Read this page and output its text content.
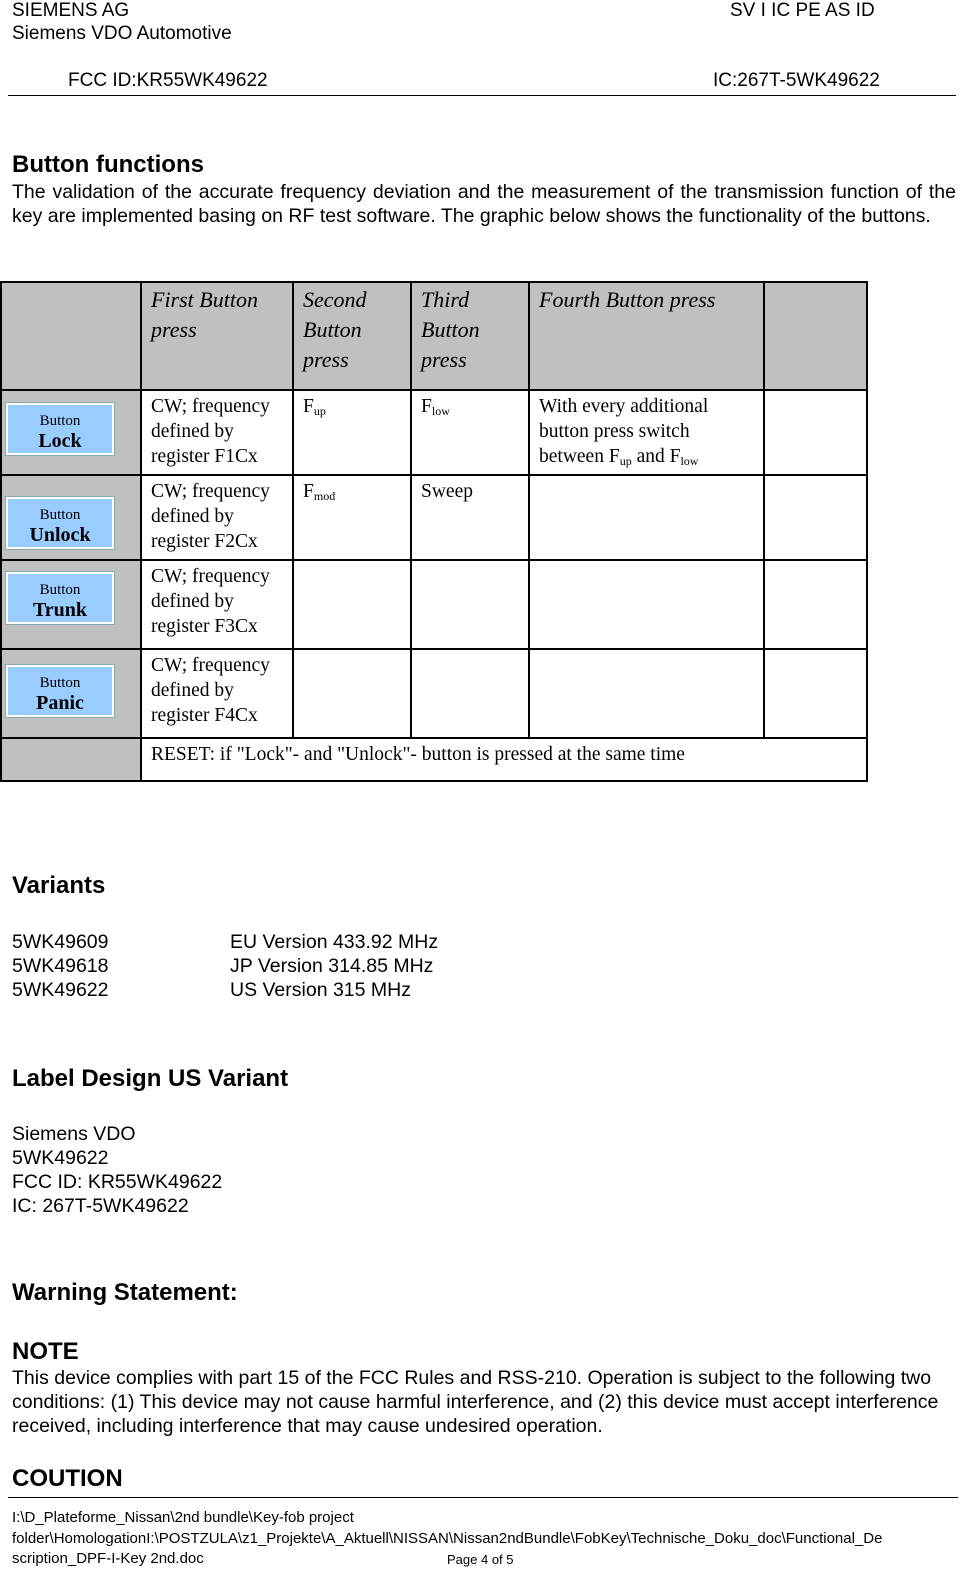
SIEMENS AG
Siemens VDO Automotive
SV I IC PE AS ID
FCC ID:KR55WK49622	IC:267T-5WK49622
Button functions
The validation of the accurate frequency deviation and the measurement of the transmission function of the key are implemented basing on RF test software. The graphic below shows the functionality of the buttons.
	First Button press	Second Button press	Third Button press	Fourth Button press	

Button
Lock	CW; frequency defined by register F1Cx	$F_{up}$	$F_{low}$	With every additional button press switch between $F_{up}$ and $F_{low}$	

Button
Unlock	CW; frequency defined by register F2Cx	$F_{mod}$	Sweep		

Button
Trunk	CW; frequency defined by register F3Cx				

Button
Panic	CW; frequency defined by register F4Cx				
	RESET: if "Lock"- and "Unlock"- button is pressed at the same time				
Variants
5WK49609	EU Version 433.92 MHz
5WK49618	JP Version 314.85 MHz
5WK49622	US Version 315 MHz
Label Design US Variant
Siemens VDO
5WK49622
FCC ID: KR55WK49622
IC: 267T-5WK49622
Warning Statement:
NOTE
This device complies with part 15 of the FCC Rules and RSS-210. Operation is subject to the following two conditions: (1) This device may not cause harmful interference, and (2) this device must accept interference received, including interference that may cause undesired operation.
COUTION
I:\D_Plateforme_Nissan\2nd bundle\Key-fob project
folder\HomologationI:\POSTZULA\z1_Projekte\A_Aktuell\NISSAN\Nissan2ndBundle\FobKey\Technische_Doku_doc\Functional_De
scription_DPF-I-Key 2nd.doc	Page 4 of 5
